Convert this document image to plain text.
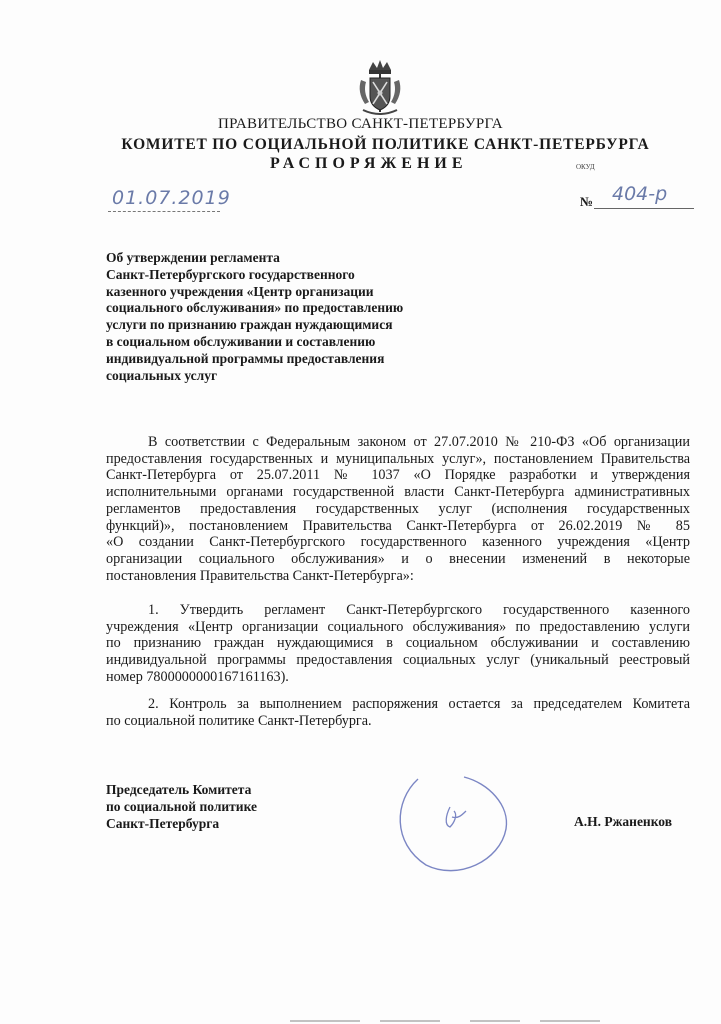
ПРАВИТЕЛЬСТВО САНКТ-ПЕТЕРБУРГА
КОМИТЕТ ПО СОЦИАЛЬНОЙ ПОЛИТИКЕ САНКТ-ПЕТЕРБУРГА
РАСПОРЯЖЕНИЕ	ОКУД
01.07.2019	№ 404-р
Об утверждении регламента
Санкт-Петербургского государственного
казенного учреждения «Центр организации
социального обслуживания» по предоставлению
услуги по признанию граждан нуждающимися
в социальном обслуживании и составлению
индивидуальной программы предоставления
социальных услуг
В соответствии с Федеральным законом от 27.07.2010 № 210-ФЗ «Об организации
предоставления государственных и муниципальных услуг», постановлением Правительства
Санкт-Петербурга от 25.07.2011 № 1037 «О Порядке разработки и утверждения
исполнительными органами государственной власти Санкт-Петербурга административных
регламентов предоставления государственных услуг (исполнения государственных
функций)», постановлением Правительства Санкт-Петербурга от 26.02.2019 № 85
«О создании Санкт-Петербургского государственного казенного учреждения «Центр
организации социального обслуживания» и о внесении изменений в некоторые
постановления Правительства Санкт-Петербурга»:
1. Утвердить регламент Санкт-Петербургского государственного казенного
учреждения «Центр организации социального обслуживания» по предоставлению услуги
по признанию граждан нуждающимися в социальном обслуживании и составлению
индивидуальной программы предоставления социальных услуг (уникальный реестровый
номер 7800000000167161163).
2. Контроль за выполнением распоряжения остается за председателем Комитета
по социальной политике Санкт-Петербурга.
Председатель Комитета
по социальной политике
Санкт-Петербурга	А.Н. Ржаненков
